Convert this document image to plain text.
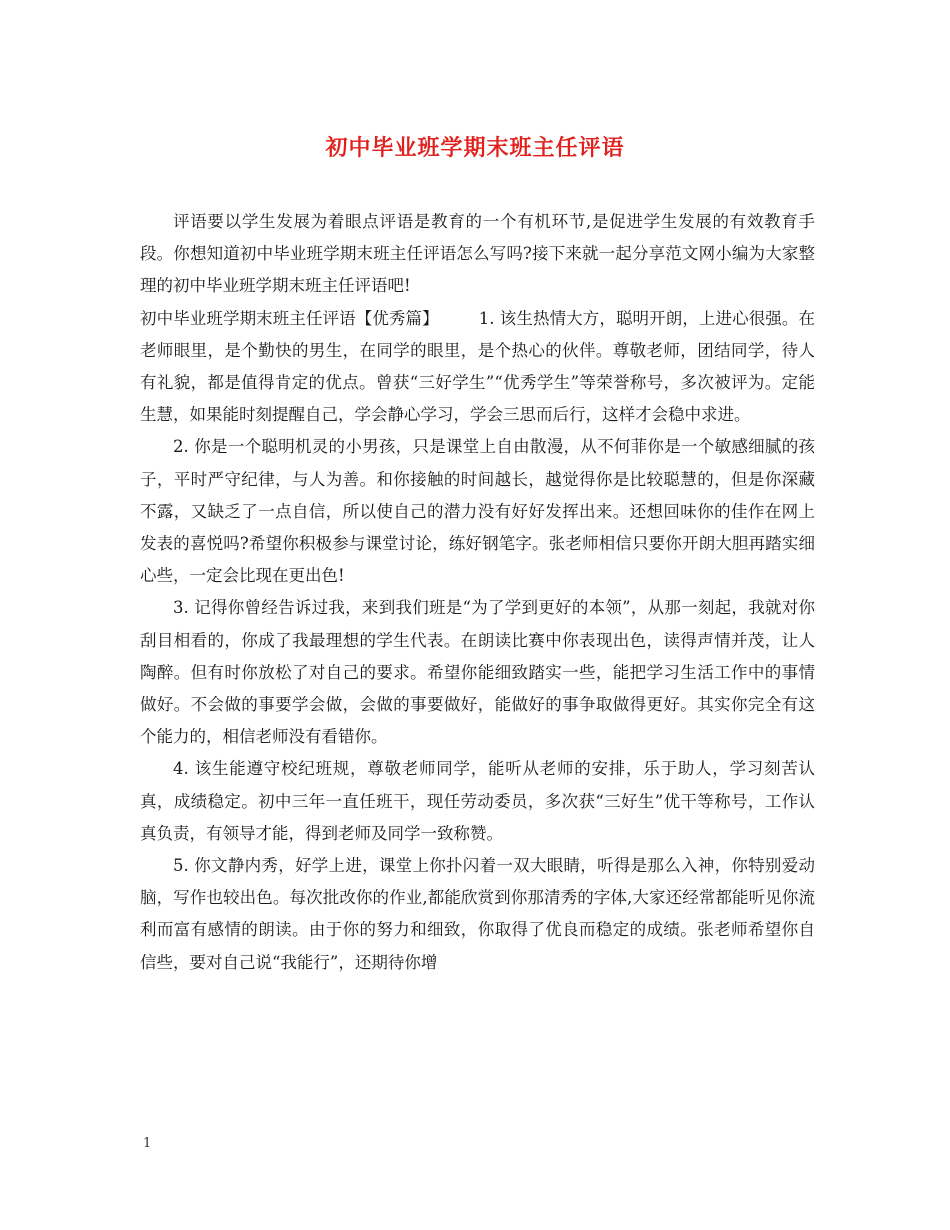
初中毕业班学期末班主任评语

评语要以学生发展为着眼点评语是教育的一个有机环节,是促进学生发展的有效教育手段。你想知道初中毕业班学期末班主任评语怎么写吗?接下来就一起分享范文网小编为大家整理的初中毕业班学期末班主任评语吧!

初中毕业班学期末班主任评语【优秀篇】 1. 该生热情大方，聪明开朗，上进心很强。在老师眼里，是个勤快的男生，在同学的眼里，是个热心的伙伴。尊敬老师，团结同学，待人有礼貌，都是值得肯定的优点。曾获“三好学生”“优秀学生”等荣誉称号，多次被评为。定能生慧，如果能时刻提醒自己，学会静心学习，学会三思而后行，这样才会稳中求进。

2. 你是一个聪明机灵的小男孩，只是课堂上自由散漫，从不何菲你是一个敏感细腻的孩子，平时严守纪律，与人为善。和你接触的时间越长，越觉得你是比较聪慧的，但是你深藏不露，又缺乏了一点自信，所以使自己的潜力没有好好发挥出来。还想回味你的佳作在网上发表的喜悦吗?希望你积极参与课堂讨论，练好钢笔字。张老师相信只要你开朗大胆再踏实细心些，一定会比现在更出色!

3. 记得你曾经告诉过我，来到我们班是“为了学到更好的本领”，从那一刻起，我就对你刮目相看的，你成了我最理想的学生代表。在朗读比赛中你表现出色，读得声情并茂，让人陶醉。但有时你放松了对自己的要求。希望你能细致踏实一些，能把学习生活工作中的事情做好。不会做的事要学会做，会做的事要做好，能做好的事争取做得更好。其实你完全有这个能力的，相信老师没有看错你。

4. 该生能遵守校纪班规，尊敬老师同学，能听从老师的安排，乐于助人，学习刻苦认真，成绩稳定。初中三年一直任班干，现任劳动委员，多次获“三好生”优干等称号，工作认真负责，有领导才能，得到老师及同学一致称赞。

5. 你文静内秀，好学上进，课堂上你扑闪着一双大眼睛，听得是那么入神，你特别爱动脑，写作也较出色。每次批改你的作业,都能欣赏到你那清秀的字体,大家还经常都能听见你流利而富有感情的朗读。由于你的努力和细致，你取得了优良而稳定的成绩。张老师希望你自信些，要对自己说“我能行”，还期待你增

1
